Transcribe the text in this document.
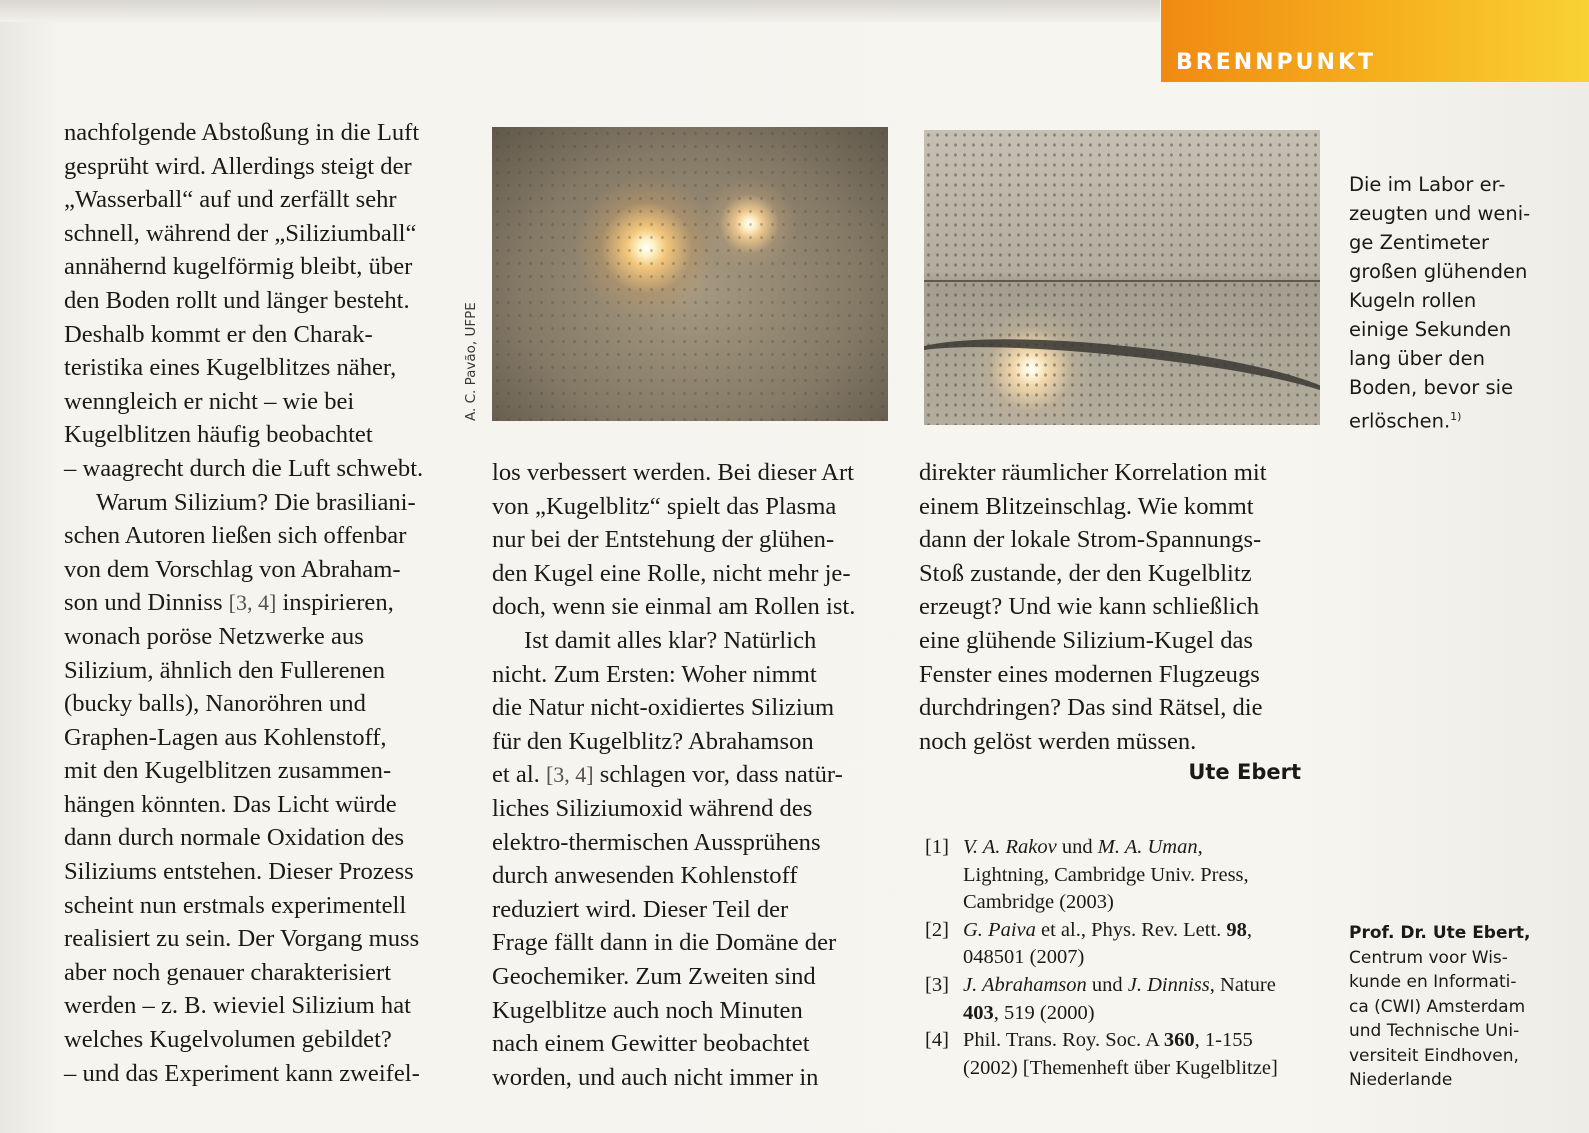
BRENNPUNKT

nachfolgende Abstoßung in die Luft
gesprüht wird. Allerdings steigt der
„Wasserball“ auf und zerfällt sehr
schnell, während der „Siliziumball“
annähernd kugelförmig bleibt, über
den Boden rollt und länger besteht.
Deshalb kommt er den Charak-
teristika eines Kugelblitzes näher,
wenngleich er nicht – wie bei
Kugelblitzen häufig beobachtet
– waagrecht durch die Luft schwebt.

Warum Silizium? Die brasiliani-
schen Autoren ließen sich offenbar
von dem Vorschlag von Abraham-
son und Dinniss [3, 4] inspirieren,
wonach poröse Netzwerke aus
Silizium, ähnlich den Fullerenen
(bucky balls), Nanoröhren und
Graphen-Lagen aus Kohlenstoff,
mit den Kugelblitzen zusammen-
hängen könnten. Das Licht würde
dann durch normale Oxidation des
Siliziums entstehen. Dieser Prozess
scheint nun erstmals experimentell
realisiert zu sein. Der Vorgang muss
aber noch genauer charakterisiert
werden – z. B. wieviel Silizium hat
welches Kugelvolumen gebildet?
– und das Experiment kann zweifel-

A. C. Pavão, UFPE
Die im Labor er-
zeugten und weni-
ge Zentimeter
großen glühenden
Kugeln rollen
einige Sekunden
lang über den
Boden, bevor sie
erlöschen.$^{1)}$

los verbessert werden. Bei dieser Art
von „Kugelblitz“ spielt das Plasma
nur bei der Entstehung der glühen-
den Kugel eine Rolle, nicht mehr je-
doch, wenn sie einmal am Rollen ist.

Ist damit alles klar? Natürlich
nicht. Zum Ersten: Woher nimmt
die Natur nicht-oxidiertes Silizium
für den Kugelblitz? Abrahamson
et al. [3, 4] schlagen vor, dass natür-
liches Siliziumoxid während des
elektro-thermischen Aussprühens
durch anwesenden Kohlenstoff
reduziert wird. Dieser Teil der
Frage fällt dann in die Domäne der
Geochemiker. Zum Zweiten sind
Kugelblitze auch noch Minuten
nach einem Gewitter beobachtet
worden, und auch nicht immer in

direkter räumlicher Korrelation mit
einem Blitzeinschlag. Wie kommt
dann der lokale Strom-Spannungs-
Stoß zustande, der den Kugelblitz
erzeugt? Und wie kann schließlich
eine glühende Silizium-Kugel das
Fenster eines modernen Flugzeugs
durchdringen? Das sind Rätsel, die
noch gelöst werden müssen.

Ute Ebert
[1] V. A. Rakov und M. A. Uman,
Lightning, Cambridge Univ. Press,
Cambridge (2003)
[2] G. Paiva et al., Phys. Rev. Lett. 98,
048501 (2007)
[3] J. Abrahamson und J. Dinniss, Nature
403, 519 (2000)
[4] Phil. Trans. Roy. Soc. A 360, 1-155
(2002) [Themenheft über Kugelblitze]
Prof. Dr. Ute Ebert,
Centrum voor Wis-
kunde en Informati-
ca (CWI) Amsterdam
und Technische Uni-
versiteit Eindhoven,
Niederlande
